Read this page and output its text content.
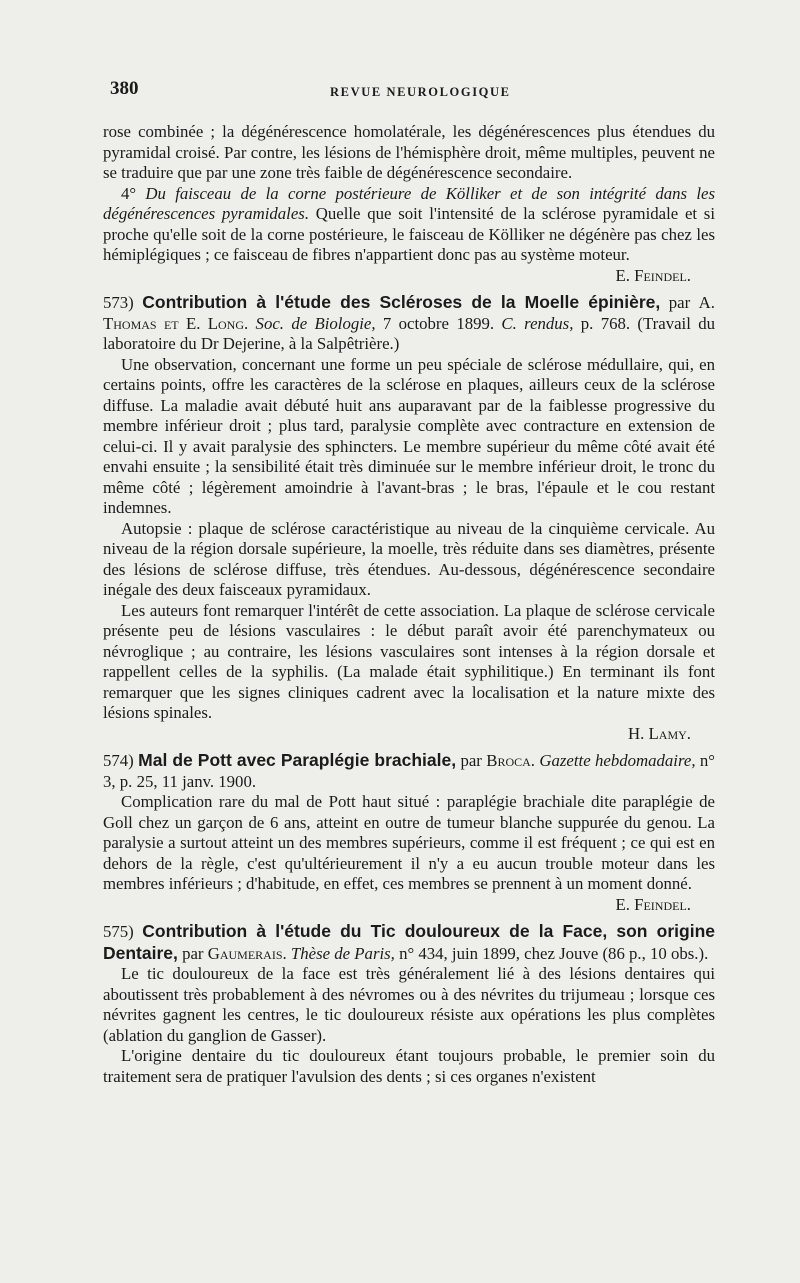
380	REVUE NEUROLOGIQUE

rose combinée ; la dégénérescence homolatérale, les dégénérescences plus étendues du pyramidal croisé. Par contre, les lésions de l'hémisphère droit, même multiples, peuvent ne se traduire que par une zone très faible de dégénérescence secondaire.

4° Du faisceau de la corne postérieure de Kölliker et de son intégrité dans les dégénérescences pyramidales. Quelle que soit l'intensité de la sclérose pyramidale et si proche qu'elle soit de la corne postérieure, le faisceau de Kölliker ne dégénère pas chez les hémiplégiques ; ce faisceau de fibres n'appartient donc pas au système moteur.

E. Feindel.

573) Contribution à l'étude des Scléroses de la Moelle épinière, par A. Thomas et E. Long. Soc. de Biologie, 7 octobre 1899. C. rendus, p. 768. (Travail du laboratoire du Dr Dejerine, à la Salpêtrière.)

Une observation, concernant une forme un peu spéciale de sclérose médullaire, qui, en certains points, offre les caractères de la sclérose en plaques, ailleurs ceux de la sclérose diffuse. La maladie avait débuté huit ans auparavant par de la faiblesse progressive du membre inférieur droit ; plus tard, paralysie complète avec contracture en extension de celui-ci. Il y avait paralysie des sphincters. Le membre supérieur du même côté avait été envahi ensuite ; la sensibilité était très diminuée sur le membre inférieur droit, le tronc du même côté ; légèrement amoindrie à l'avant-bras ; le bras, l'épaule et le cou restant indemnes.

Autopsie : plaque de sclérose caractéristique au niveau de la cinquième cervicale. Au niveau de la région dorsale supérieure, la moelle, très réduite dans ses diamètres, présente des lésions de sclérose diffuse, très étendues. Au-dessous, dégénérescence secondaire inégale des deux faisceaux pyramidaux.

Les auteurs font remarquer l'intérêt de cette association. La plaque de sclérose cervicale présente peu de lésions vasculaires : le début paraît avoir été parenchymateux ou névroglique ; au contraire, les lésions vasculaires sont intenses à la région dorsale et rappellent celles de la syphilis. (La malade était syphilitique.) En terminant ils font remarquer que les signes cliniques cadrent avec la localisation et la nature mixte des lésions spinales.

H. Lamy.

574) Mal de Pott avec Paraplégie brachiale, par Broca. Gazette hebdomadaire, n° 3, p. 25, 11 janv. 1900.

Complication rare du mal de Pott haut situé : paraplégie brachiale dite paraplégie de Goll chez un garçon de 6 ans, atteint en outre de tumeur blanche suppurée du genou. La paralysie a surtout atteint un des membres supérieurs, comme il est fréquent ; ce qui est en dehors de la règle, c'est qu'ultérieurement il n'y a eu aucun trouble moteur dans les membres inférieurs ; d'habitude, en effet, ces membres se prennent à un moment donné.

E. Feindel.

575) Contribution à l'étude du Tic douloureux de la Face, son origine Dentaire, par Gaumerais. Thèse de Paris, n° 434, juin 1899, chez Jouve (86 p., 10 obs.).

Le tic douloureux de la face est très généralement lié à des lésions dentaires qui aboutissent très probablement à des névromes ou à des névrites du trijumeau ; lorsque ces névrites gagnent les centres, le tic douloureux résiste aux opérations les plus complètes (ablation du ganglion de Gasser).

L'origine dentaire du tic douloureux étant toujours probable, le premier soin du traitement sera de pratiquer l'avulsion des dents ; si ces organes n'existent
